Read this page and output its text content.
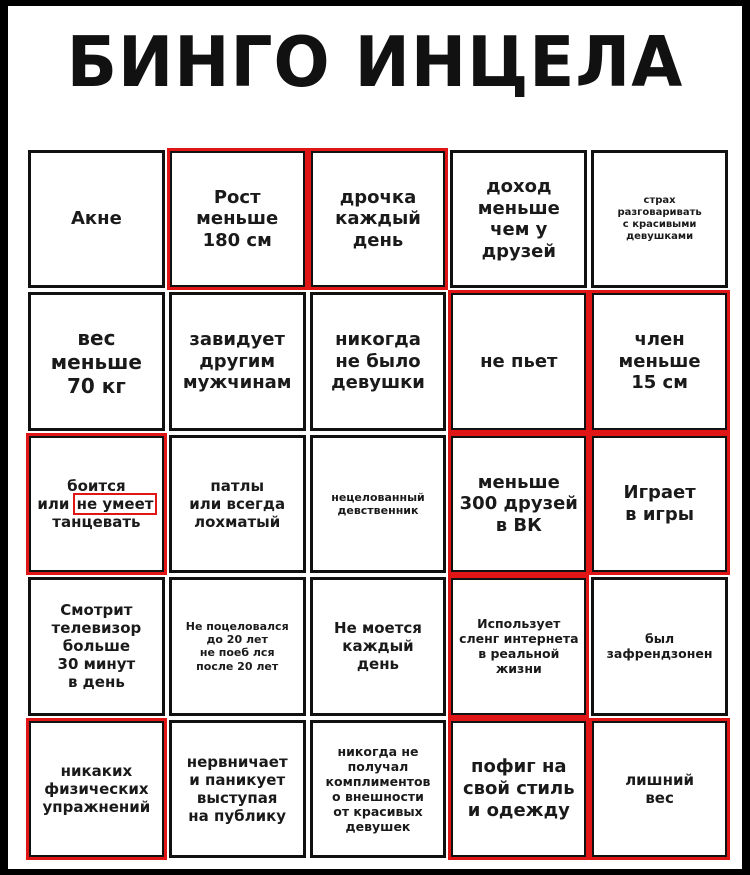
БИНГО ИНЦЕЛА
Акне
Рост
меньше
180 см
дрочка
каждый
день
доход
меньше
чем у
друзей
страх
разговаривать
с красивыми
девушками
вес
меньше
70 кг
завидует
другим
мужчинам
никогда
не было
девушки
не пьет
член
меньше
15 см
боится
или не умеет
танцевать
патлы
или всегда
лохматый
нецелованный
девственник
меньше
300 друзей
в ВК
Играет
в игры
Смотрит
телевизор
больше
30 минут
в день
Не поцеловался
до 20 лет
не поеб лся
после 20 лет
Не моется
каждый
день
Использует
сленг интернета
в реальной
жизни
был
зафрендзонен
никаких
физических
упражнений
нервничает
и паникует
выступая
на публику
никогда не
получал
комплиментов
о внешности
от красивых
девушек
пофиг на
свой стиль
и одежду
лишний
вес
